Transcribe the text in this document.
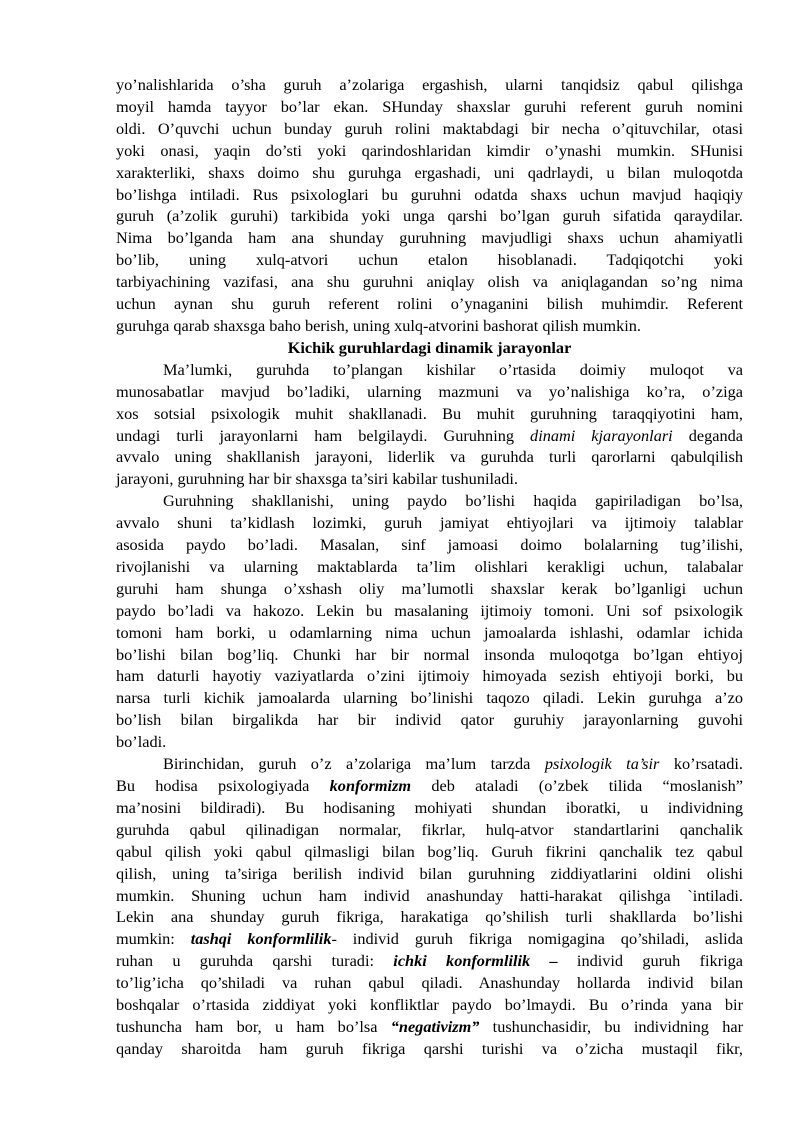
yo’nalishlarida o’sha guruh a’zolariga ergashish, ularni tanqidsiz qabul qilishga
moyil hamda tayyor bo’lar ekan. SHunday shaxslar guruhi referent guruh nomini
oldi. O’quvchi uchun bunday guruh rolini maktabdagi bir necha o’qituvchilar, otasi
yoki onasi, yaqin do’sti yoki qarindoshlaridan kimdir o’ynashi mumkin. SHunisi
xarakterliki, shaxs doimo shu guruhga ergashadi, uni qadrlaydi, u bilan muloqotda
bo’lishga intiladi. Rus psixologlari bu guruhni odatda shaxs uchun mavjud haqiqiy
guruh (a’zolik guruhi) tarkibida yoki unga qarshi bo’lgan guruh sifatida qaraydilar.
Nima bo’lganda ham ana shunday guruhning mavjudligi shaxs uchun ahamiyatli
bo’lib, uning xulq-atvori uchun etalon hisoblanadi. Tadqiqotchi yoki
tarbiyachining vazifasi, ana shu guruhni aniqlay olish va aniqlagandan so’ng nima
uchun aynan shu guruh referent rolini o’ynaganini bilish muhimdir. Referent
guruhga qarab shaxsga baho berish, uning xulq-atvorini bashorat qilish mumkin.

Kichik guruhlardagi dinamik jarayonlar

Ma’lumki, guruhda to’plangan kishilar o’rtasida doimiy muloqot va
munosabatlar mavjud bo’ladiki, ularning mazmuni va yo’nalishiga ko’ra, o’ziga
xos sotsial psixologik muhit shakllanadi. Bu muhit guruhning taraqqiyotini ham,
undagi turli jarayonlarni ham belgilaydi. Guruhning dinami kjarayonlari deganda
avvalo uning shakllanish jarayoni, liderlik va guruhda turli qarorlarni qabulqilish
jarayoni, guruhning har bir shaxsga ta’siri kabilar tushuniladi.

Guruhning shakllanishi, uning paydo bo’lishi haqida gapiriladigan bo’lsa,
avvalo shuni ta’kidlash lozimki, guruh jamiyat ehtiyojlari va ijtimoiy talablar
asosida paydo bo’ladi. Masalan, sinf jamoasi doimo bolalarning tug’ilishi,
rivojlanishi va ularning maktablarda ta’lim olishlari kerakligi uchun, talabalar
guruhi ham shunga o’xshash oliy ma’lumotli shaxslar kerak bo’lganligi uchun
paydo bo’ladi va hakozo. Lekin bu masalaning ijtimoiy tomoni. Uni sof psixologik
tomoni ham borki, u odamlarning nima uchun jamoalarda ishlashi, odamlar ichida
bo’lishi bilan bog’liq. Chunki har bir normal insonda muloqotga bo’lgan ehtiyoj
ham daturli hayotiy vaziyatlarda o’zini ijtimoiy himoyada sezish ehtiyoji borki, bu
narsa turli kichik jamoalarda ularning bo’linishi taqozo qiladi. Lekin guruhga a’zo
bo’lish bilan birgalikda har bir individ qator guruhiy jarayonlarning guvohi
bo’ladi.

Birinchidan, guruh o’z a’zolariga ma’lum tarzda psixologik ta’sir ko’rsatadi.
Bu hodisa psixologiyada konformizm deb ataladi (o’zbek tilida “moslanish”
ma’nosini bildiradi). Bu hodisaning mohiyati shundan iboratki, u individning
guruhda qabul qilinadigan normalar, fikrlar, hulq-atvor standartlarini qanchalik
qabul qilish yoki qabul qilmasligi bilan bog’liq. Guruh fikrini qanchalik tez qabul
qilish, uning ta’siriga berilish individ bilan guruhning ziddiyatlarini oldini olishi
mumkin. Shuning uchun ham individ anashunday hatti-harakat qilishga `intiladi.
Lekin ana shunday guruh fikriga, harakatiga qo’shilish turli shakllarda bo’lishi
mumkin: tashqi konformlilik- individ guruh fikriga nomigagina qo’shiladi, aslida
ruhan u guruhda qarshi turadi: ichki konformlilik – individ guruh fikriga
to’lig’icha qo’shiladi va ruhan qabul qiladi. Anashunday hollarda individ bilan
boshqalar o’rtasida ziddiyat yoki konfliktlar paydo bo’lmaydi. Bu o’rinda yana bir
tushuncha ham bor, u ham bo’lsa “negativizm” tushunchasidir, bu individning har
qanday sharoitda ham guruh fikriga qarshi turishi va o’zicha mustaqil fikr,
